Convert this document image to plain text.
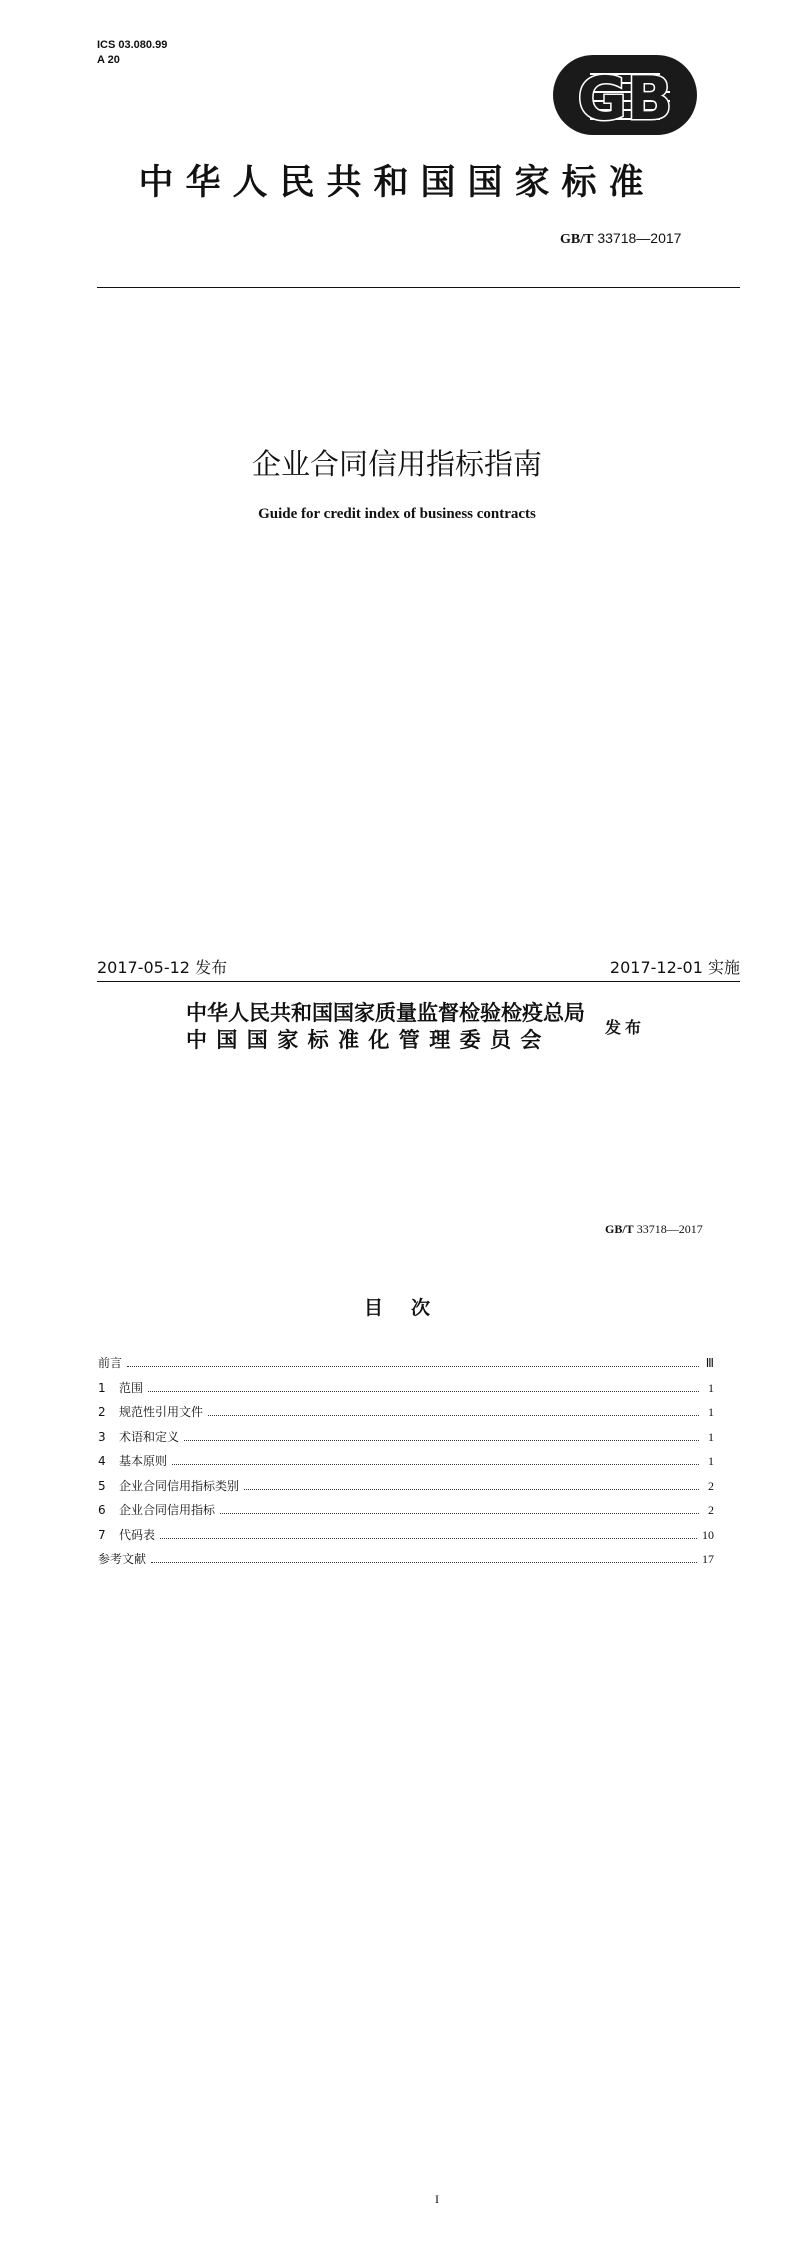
ICS 03.080.99
A 20
GB
中华人民共和国国家标准
GB/T 33718—2017
企业合同信用指标指南
Guide for credit index of business contracts
2017-05-12 发布	2017-12-01 实施
中华人民共和国国家质量监督检验检疫总局
中国国家标准化管理委员会
发布
GB/T 33718—2017
目次
前言	Ⅲ
1	范围	1
2	规范性引用文件	1
3	术语和定义	1
4	基本原则	1
5	企业合同信用指标类别	2
6	企业合同信用指标	2
7	代码表	10
参考文献	17
I
